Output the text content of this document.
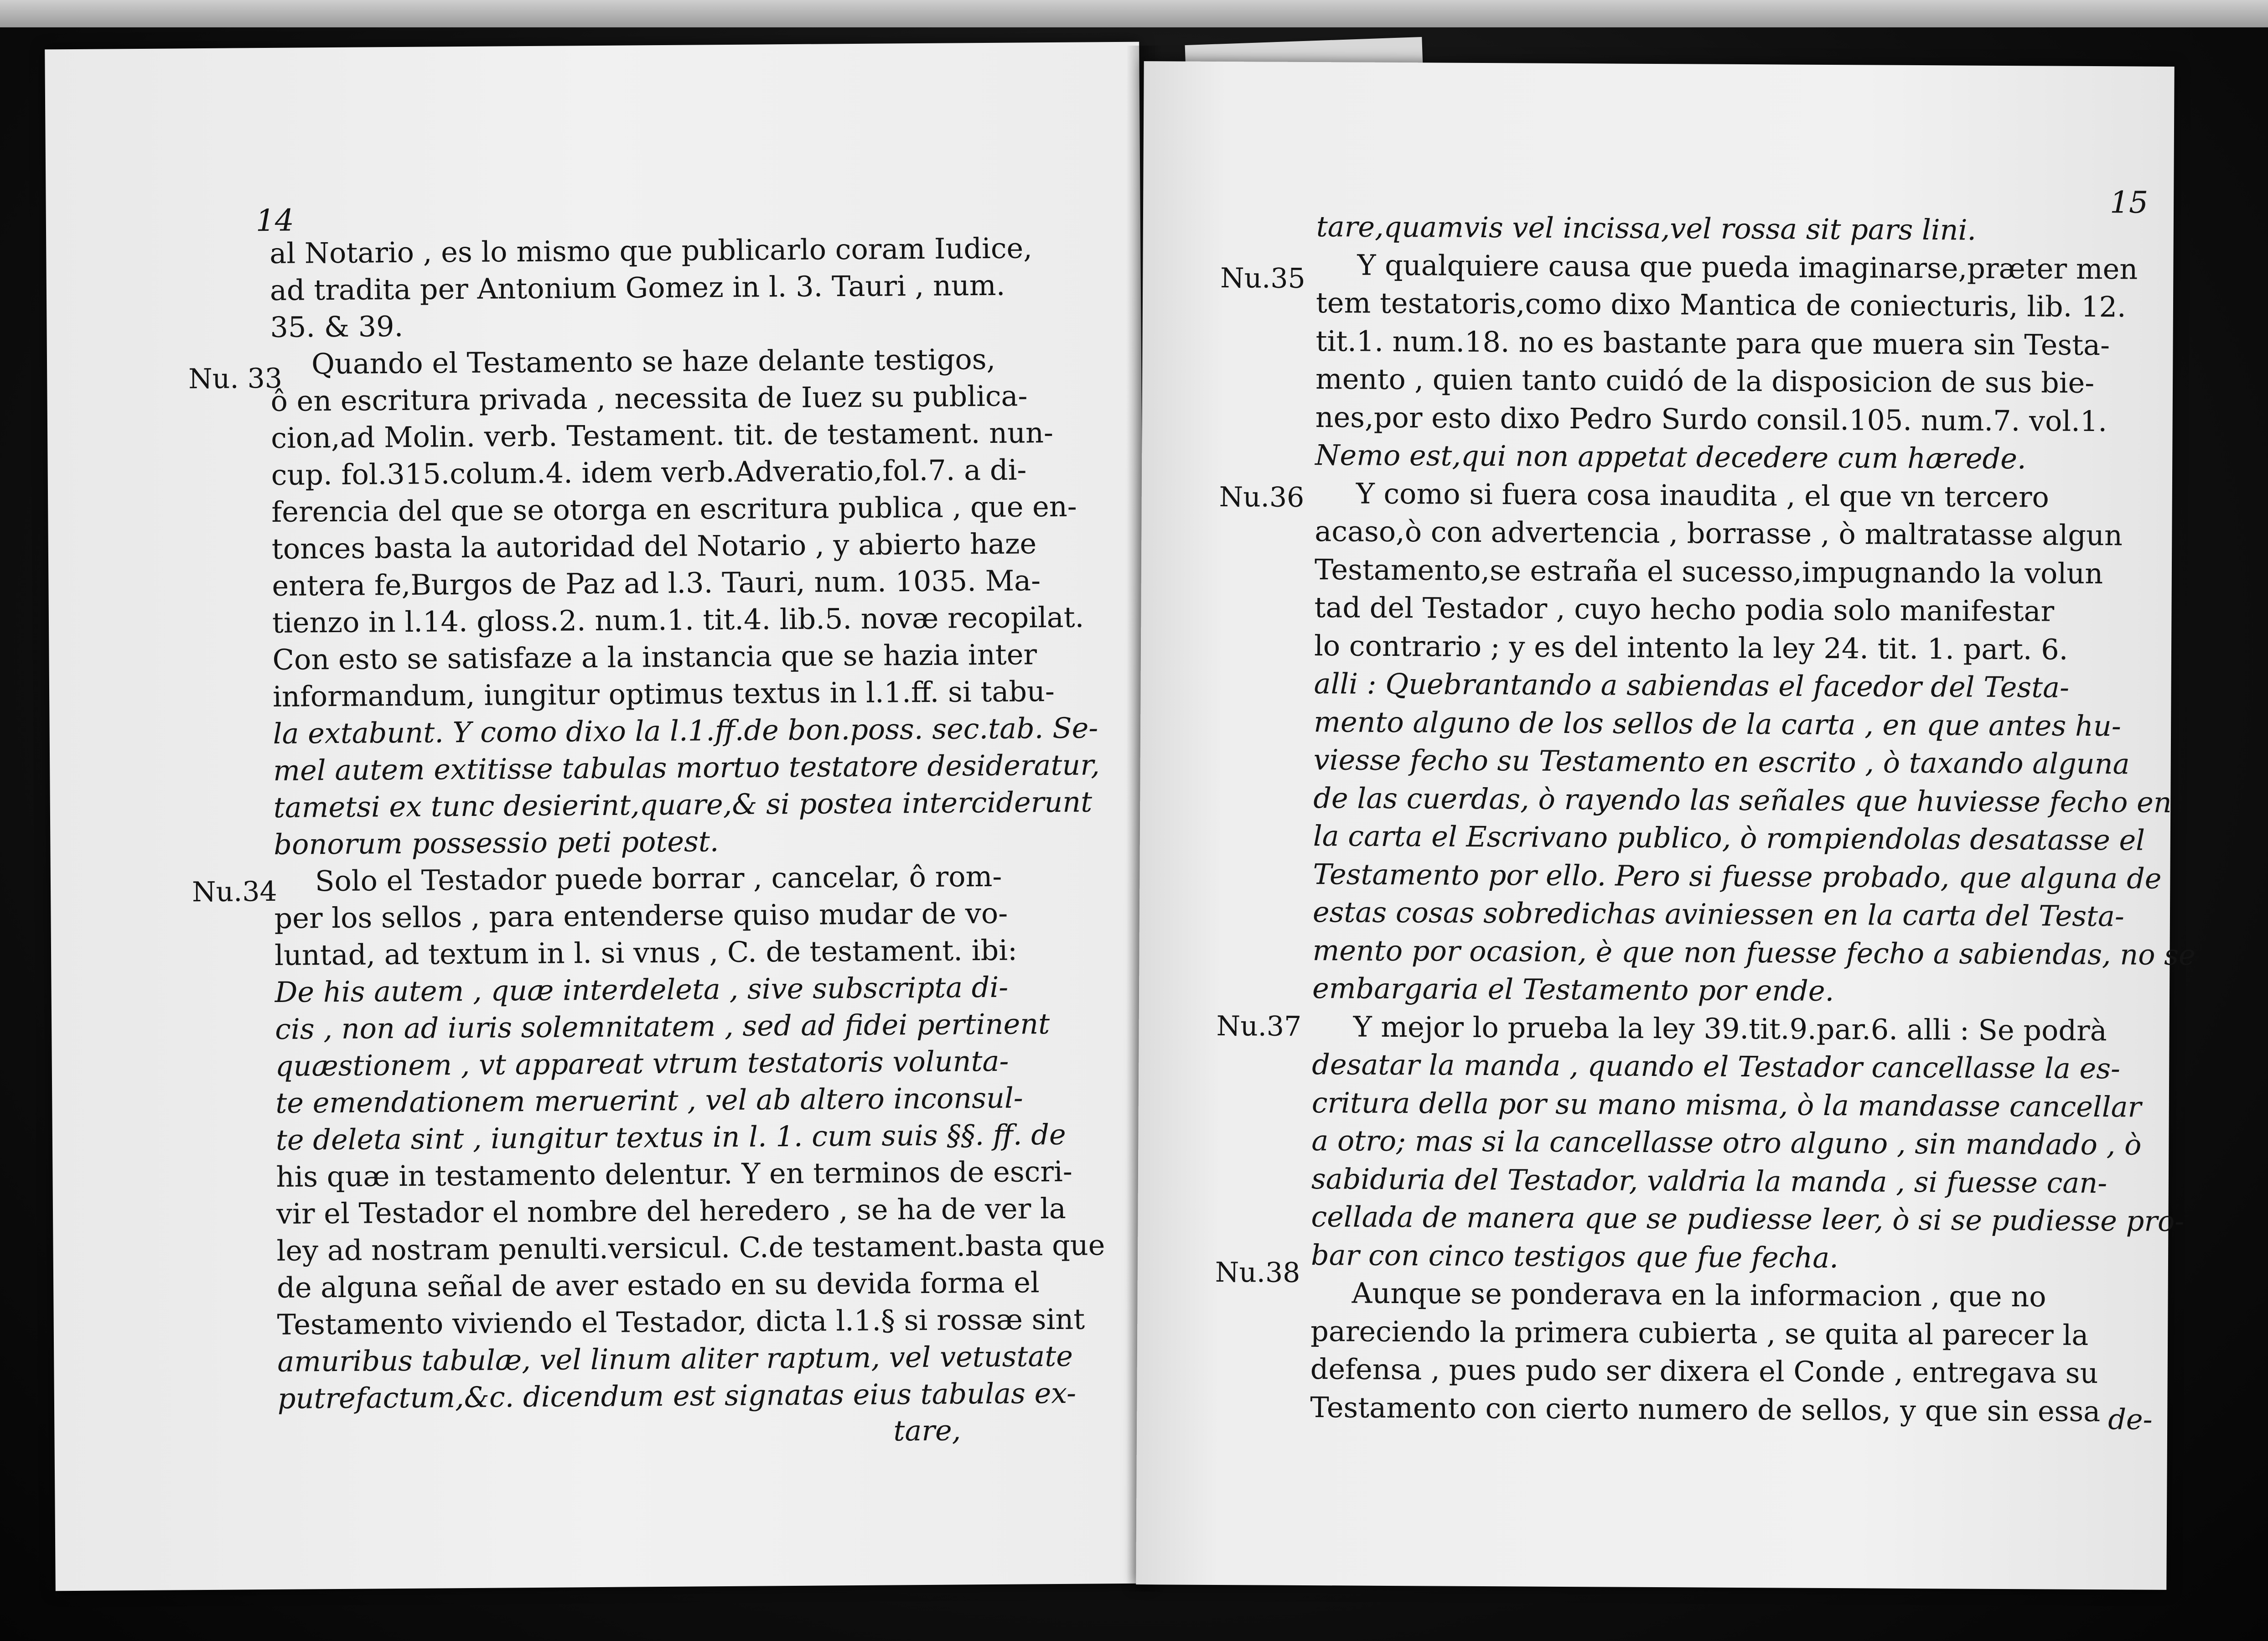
14
Nu. 33
Nu.34
al Notario , es lo mismo que publicarlo coram Iudice,
ad tradita per Antonium Gomez in l. 3. Tauri , num.
35. & 39.
Quando el Testamento se haze delante testigos,
ô en escritura privada , necessita de Iuez su publica-
cion,ad Molin. verb. Testament. tit. de testament. nun-
cup. fol.315.colum.4. idem verb.Adveratio,fol.7. a di-
ferencia del que se otorga en escritura publica , que en-
tonces basta la autoridad del Notario , y abierto haze
entera fe,Burgos de Paz ad l.3. Tauri, num. 1035. Ma-
tienzo in l.14. gloss.2. num.1. tit.4. lib.5. novæ recopilat.
Con esto se satisfaze a la instancia que se hazia inter
informandum, iungitur optimus textus in l.1.ff. si tabu-
la extabunt. Y como dixo la l.1.ff.de bon.poss. sec.tab. Se-
mel autem extitisse tabulas mortuo testatore desideratur,
tametsi ex tunc desierint,quare,& si postea interciderunt
bonorum possessio peti potest.
Solo el Testador puede borrar , cancelar, ô rom-
per los sellos , para entenderse quiso mudar de vo-
luntad, ad textum in l. si vnus , C. de testament. ibi:
De his autem , quæ interdeleta , sive subscripta di-
cis , non ad iuris solemnitatem , sed ad fidei pertinent
quæstionem , vt appareat vtrum testatoris volunta-
te emendationem meruerint , vel ab altero inconsul-
te deleta sint , iungitur textus in l. 1. cum suis §§. ff. de
his quæ in testamento delentur. Y en terminos de escri-
vir el Testador el nombre del heredero , se ha de ver la
ley ad nostram penulti.versicul. C.de testament.basta que
de alguna señal de aver estado en su devida forma el
Testamento viviendo el Testador, dicta l.1.§ si rossæ sint
amuribus tabulæ, vel linum aliter raptum, vel vetustate
putrefactum,&c. dicendum est signatas eius tabulas ex-
tare,
15
Nu.35
Nu.36
Nu.37
Nu.38
tare,quamvis vel incissa,vel rossa sit pars lini.
Y qualquiere causa que pueda imaginarse,præter men
tem testatoris,como dixo Mantica de coniecturis, lib. 12.
tit.1. num.18. no es bastante para que muera sin Testa-
mento , quien tanto cuidó de la disposicion de sus bie-
nes,por esto dixo Pedro Surdo consil.105. num.7. vol.1.
Nemo est,qui non appetat decedere cum hærede.
Y como si fuera cosa inaudita , el que vn tercero
acaso,ò con advertencia , borrasse , ò maltratasse algun
Testamento,se estraña el sucesso,impugnando la volun
tad del Testador , cuyo hecho podia solo manifestar
lo contrario ; y es del intento la ley 24. tit. 1. part. 6.
alli : Quebrantando a sabiendas el facedor del Testa-
mento alguno de los sellos de la carta , en que antes hu-
viesse fecho su Testamento en escrito , ò taxando alguna
de las cuerdas, ò rayendo las señales que huviesse fecho en
la carta el Escrivano publico, ò rompiendolas desatasse el
Testamento por ello. Pero si fuesse probado, que alguna de
estas cosas sobredichas aviniessen en la carta del Testa-
mento por ocasion, è que non fuesse fecho a sabiendas, no se
embargaria el Testamento por ende.
Y mejor lo prueba la ley 39.tit.9.par.6. alli : Se podrà
desatar la manda , quando el Testador cancellasse la es-
critura della por su mano misma, ò la mandasse cancellar
a otro; mas si la cancellasse otro alguno , sin mandado , ò
sabiduria del Testador, valdria la manda , si fuesse can-
cellada de manera que se pudiesse leer, ò si se pudiesse pro-
bar con cinco testigos que fue fecha.
Aunque se ponderava en la informacion , que no
pareciendo la primera cubierta , se quita al parecer la
defensa , pues pudo ser dixera el Conde , entregava su
Testamento con cierto numero de sellos, y que sin essa de-
